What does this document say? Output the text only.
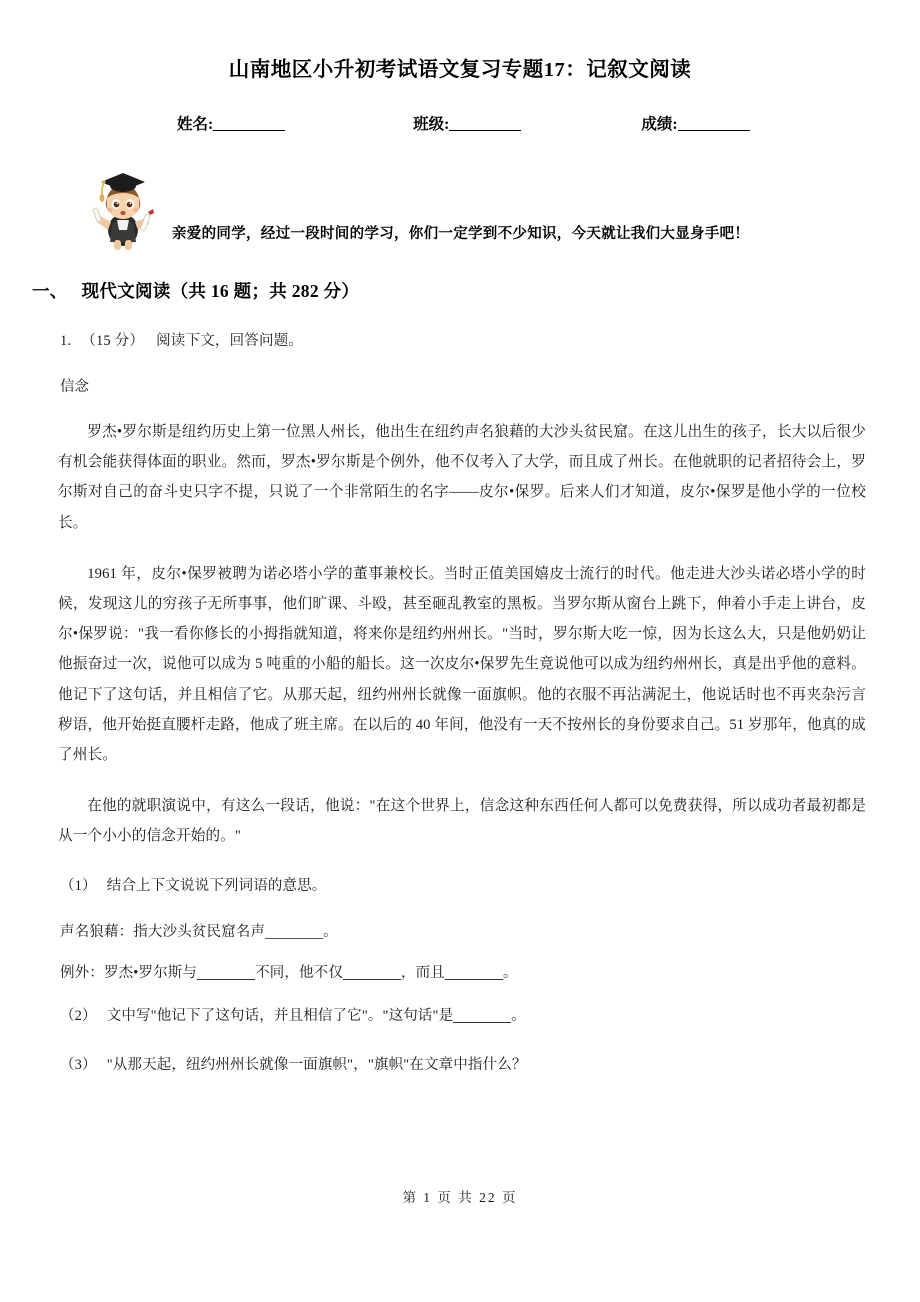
山南地区小升初考试语文复习专题17：记叙文阅读
姓名:	班级:	成绩:
亲爱的同学，经过一段时间的学习，你们一定学到不少知识，今天就让我们大显身手吧！
一、 现代文阅读（共 16 题；共 282 分）
1. （15 分） 阅读下文，回答问题。
信念

罗杰•罗尔斯是纽约历史上第一位黑人州长，他出生在纽约声名狼藉的大沙头贫民窟。在这儿出生的孩子，长大以后很少有机会能获得体面的职业。然而，罗杰•罗尔斯是个例外，他不仅考入了大学，而且成了州长。在他就职的记者招待会上，罗尔斯对自己的奋斗史只字不提，只说了一个非常陌生的名字——皮尔•保罗。后来人们才知道，皮尔•保罗是他小学的一位校长。

1961 年，皮尔•保罗被聘为诺必塔小学的董事兼校长。当时正值美国嬉皮士流行的时代。他走进大沙头诺必塔小学的时候，发现这儿的穷孩子无所事事，他们旷课、斗殴，甚至砸乱教室的黑板。当罗尔斯从窗台上跳下，伸着小手走上讲台，皮尔•保罗说："我一看你修长的小拇指就知道，将来你是纽约州州长。"当时，罗尔斯大吃一惊，因为长这么大，只是他奶奶让他振奋过一次，说他可以成为 5 吨重的小船的船长。这一次皮尔•保罗先生竟说他可以成为纽约州州长，真是出乎他的意料。他记下了这句话，并且相信了它。从那天起，纽约州州长就像一面旗帜。他的衣服不再沾满泥土，他说话时也不再夹杂污言秽语，他开始挺直腰杆走路，他成了班主席。在以后的 40 年间，他没有一天不按州长的身份要求自己。51 岁那年，他真的成了州长。

在他的就职演说中，有这么一段话，他说："在这个世界上，信念这种东西任何人都可以免费获得，所以成功者最初都是从一个小小的信念开始的。"

（1） 结合上下文说说下列词语的意思。
声名狼藉：指大沙头贫民窟名声	。
例外：罗杰•罗尔斯与	不同，他不仅	，而且	。
（2） 文中写"他记下了这句话，并且相信了它"。"这句话"是	。
（3） "从那天起，纽约州州长就像一面旗帜"，"旗帜"在文章中指什么？
第 1 页 共 22 页
